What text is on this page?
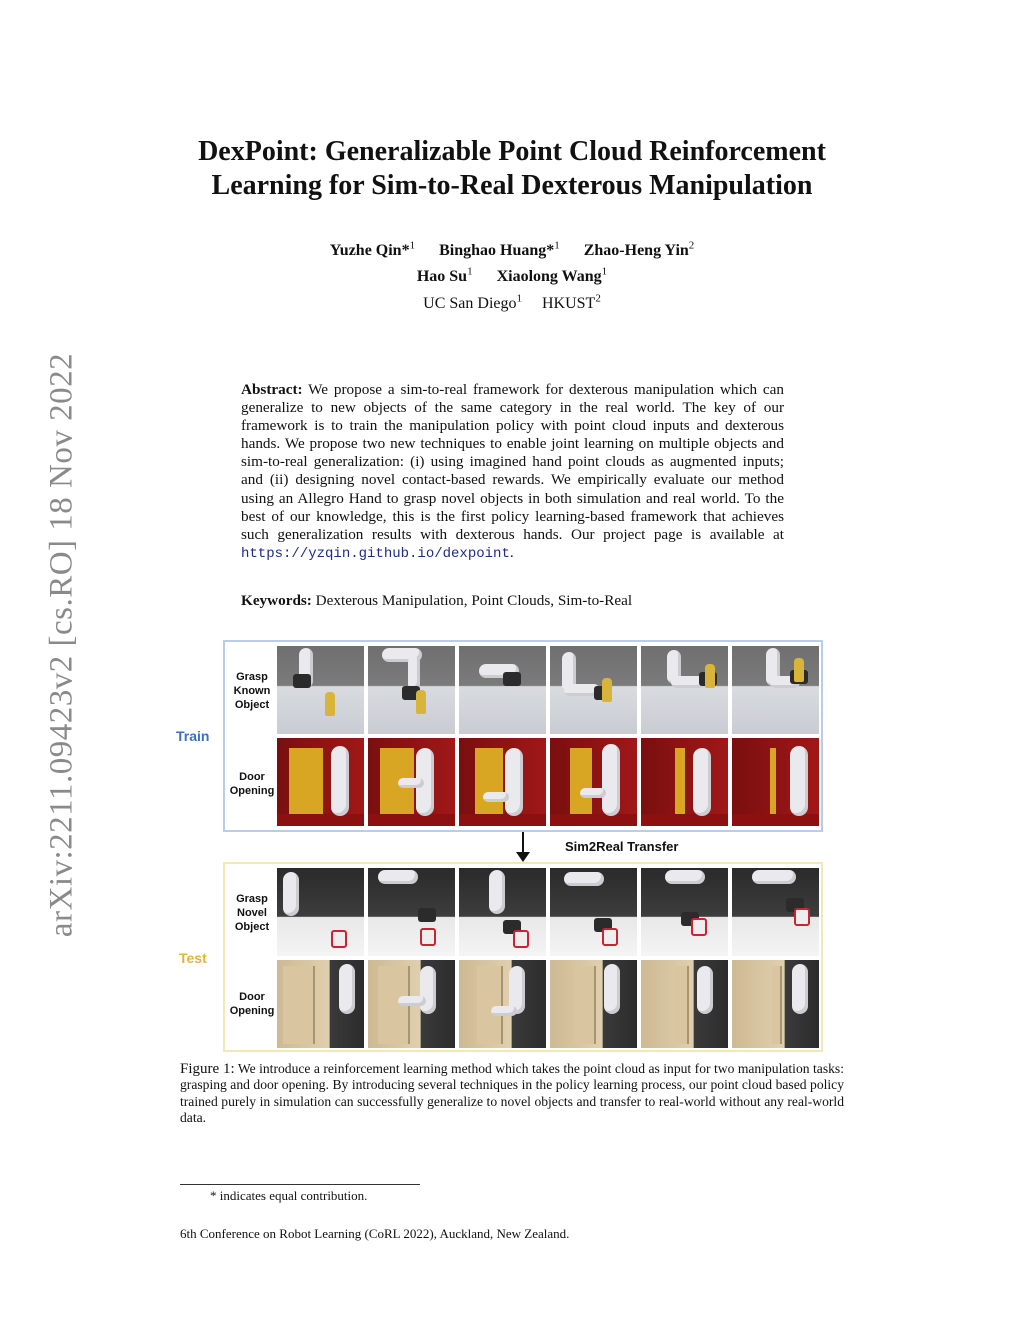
arXiv:2211.09423v2 [cs.RO] 18 Nov 2022
DexPoint: Generalizable Point Cloud Reinforcement
Learning for Sim-to-Real Dexterous Manipulation
Yuzhe Qin*$^1$ Binghao Huang*$^1$ Zhao-Heng Yin$^2$
Hao Su$^1$ Xiaolong Wang$^1$
UC San Diego$^1$ HKUST$^2$

Abstract: We propose a sim-to-real framework for dexterous manipulation which can generalize to new objects of the same category in the real world. The key of our framework is to train the manipulation policy with point cloud inputs and dexterous hands. We propose two new techniques to enable joint learning on multiple objects and sim-to-real generalization: (i) using imagined hand point clouds as augmented inputs; and (ii) designing novel contact-based rewards. We empirically evaluate our method using an Allegro Hand to grasp novel objects in both simulation and real world. To the best of our knowledge, this is the first policy learning-based framework that achieves such generalization results with dexterous hands. Our project page is available at https://yzqin.github.io/dexpoint.

Keywords: Dexterous Manipulation, Point Clouds, Sim-to-Real
Train
Test
Grasp
Known
Object
Door
Opening
Sim2Real Transfer
Grasp
Novel
Object
Door
Opening

Figure 1: We introduce a reinforcement learning method which takes the point cloud as input for two manipulation tasks: grasping and door opening. By introducing several techniques in the policy learning process, our point cloud based policy trained purely in simulation can successfully generalize to novel objects and transfer to real-world without any real-world data.

* indicates equal contribution.
6th Conference on Robot Learning (CoRL 2022), Auckland, New Zealand.
